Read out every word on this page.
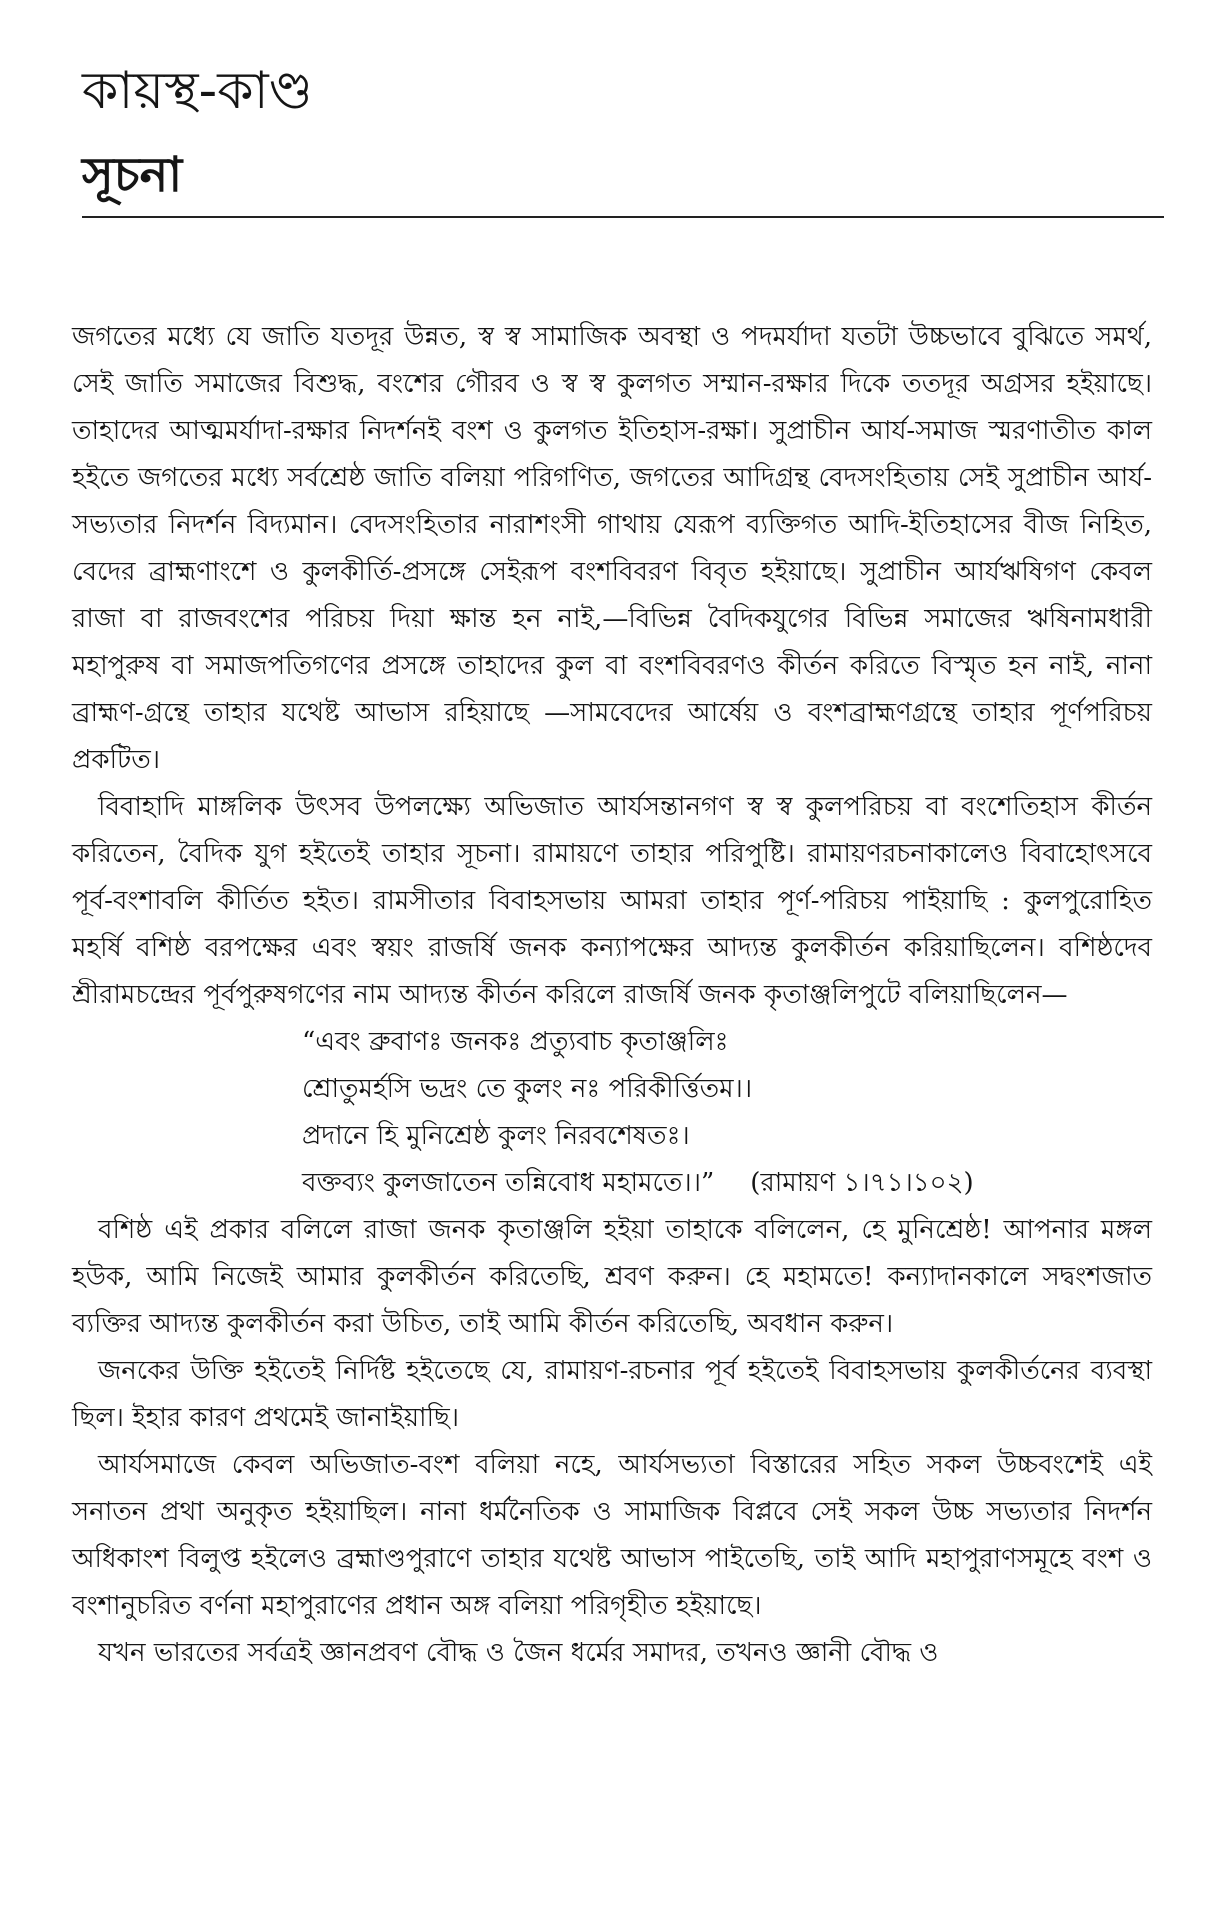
কায়স্থ-কাণ্ড
সূচনা

জগতের মধ্যে যে জাতি যতদূর উন্নত, স্ব স্ব সামাজিক অবস্থা ও পদমর্যাদা যতটা উচ্চভাবে বুঝিতে সমর্থ, সেই জাতি সমাজের বিশুদ্ধ, বংশের গৌরব ও স্ব স্ব কুলগত সম্মান-রক্ষার দিকে ততদূর অগ্রসর হইয়াছে। তাহাদের আত্মমর্যাদা-রক্ষার নিদর্শনই বংশ ও কুলগত ইতিহাস-রক্ষা। সুপ্রাচীন আর্য-সমাজ স্মরণাতীত কাল হইতে জগতের মধ্যে সর্বশ্রেষ্ঠ জাতি বলিয়া পরিগণিত, জগতের আদিগ্রন্থ বেদসংহিতায় সেই সুপ্রাচীন আর্য-সভ্যতার নিদর্শন বিদ্যমান। বেদসংহিতার নারাশংসী গাথায় যেরূপ ব্যক্তিগত আদি-ইতিহাসের বীজ নিহিত, বেদের ব্রাহ্মণাংশে ও কুলকীর্তি-প্রসঙ্গে সেইরূপ বংশবিবরণ বিবৃত হইয়াছে। সুপ্রাচীন আর্যঋষিগণ কেবল রাজা বা রাজবংশের পরিচয় দিয়া ক্ষান্ত হন নাই,—বিভিন্ন বৈদিকযুগের বিভিন্ন সমাজের ঋষিনামধারী মহাপুরুষ বা সমাজপতিগণের প্রসঙ্গে তাহাদের কুল বা বংশবিবরণও কীর্তন করিতে বিস্মৃত হন নাই, নানা ব্রাহ্মণ-গ্রন্থে তাহার যথেষ্ট আভাস রহিয়াছে —সামবেদের আর্ষেয় ও বংশব্রাহ্মণগ্রন্থে তাহার পূর্ণপরিচয় প্রকটিত।

বিবাহাদি মাঙ্গলিক উৎসব উপলক্ষ্যে অভিজাত আর্যসন্তানগণ স্ব স্ব কুলপরিচয় বা বংশেতিহাস কীর্তন করিতেন, বৈদিক যুগ হইতেই তাহার সূচনা। রামায়ণে তাহার পরিপুষ্টি। রামায়ণরচনাকালেও বিবাহোৎসবে পূর্ব-বংশাবলি কীর্তিত হইত। রামসীতার বিবাহসভায় আমরা তাহার পূর্ণ-পরিচয় পাইয়াছি : কুলপুরোহিত মহর্ষি বশিষ্ঠ বরপক্ষের এবং স্বয়ং রাজর্ষি জনক কন্যাপক্ষের আদ্যন্ত কুলকীর্তন করিয়াছিলেন। বশিষ্ঠদেব শ্রীরামচন্দ্রের পূর্বপুরুষগণের নাম আদ্যন্ত কীর্তন করিলে রাজর্ষি জনক কৃতাঞ্জলিপুটে বলিয়াছিলেন—

“এবং ব্রুবাণঃ জনকঃ প্রত্যুবাচ কৃতাঞ্জলিঃ
শ্রোতুমর্হসি ভদ্রং তে কুলং নঃ পরিকীর্ত্তিতম।।
প্রদানে হি মুনিশ্রেষ্ঠ কুলং নিরবশেষতঃ।
বক্তব্যং কুলজাতেন তন্নিবোধ মহামতে।।” (রামায়ণ ১।৭১।১০২)

বশিষ্ঠ এই প্রকার বলিলে রাজা জনক কৃতাঞ্জলি হইয়া তাহাকে বলিলেন, হে মুনিশ্রেষ্ঠ! আপনার মঙ্গল হউক, আমি নিজেই আমার কুলকীর্তন করিতেছি, শ্রবণ করুন। হে মহামতে! কন্যাদানকালে সদ্বংশজাত ব্যক্তির আদ্যন্ত কুলকীর্তন করা উচিত, তাই আমি কীর্তন করিতেছি, অবধান করুন।

জনকের উক্তি হইতেই নির্দিষ্ট হইতেছে যে, রামায়ণ-রচনার পূর্ব হইতেই বিবাহসভায় কুলকীর্তনের ব্যবস্থা ছিল। ইহার কারণ প্রথমেই জানাইয়াছি।

আর্যসমাজে কেবল অভিজাত-বংশ বলিয়া নহে, আর্যসভ্যতা বিস্তারের সহিত সকল উচ্চবংশেই এই সনাতন প্রথা অনুকৃত হইয়াছিল। নানা ধর্মনৈতিক ও সামাজিক বিপ্লবে সেই সকল উচ্চ সভ্যতার নিদর্শন অধিকাংশ বিলুপ্ত হইলেও ব্রহ্মাণ্ডপুরাণে তাহার যথেষ্ট আভাস পাইতেছি, তাই আদি মহাপুরাণসমূহে বংশ ও বংশানুচরিত বর্ণনা মহাপুরাণের প্রধান অঙ্গ বলিয়া পরিগৃহীত হইয়াছে।

যখন ভারতের সর্বত্রই জ্ঞানপ্রবণ বৌদ্ধ ও জৈন ধর্মের সমাদর, তখনও জ্ঞানী বৌদ্ধ ও
